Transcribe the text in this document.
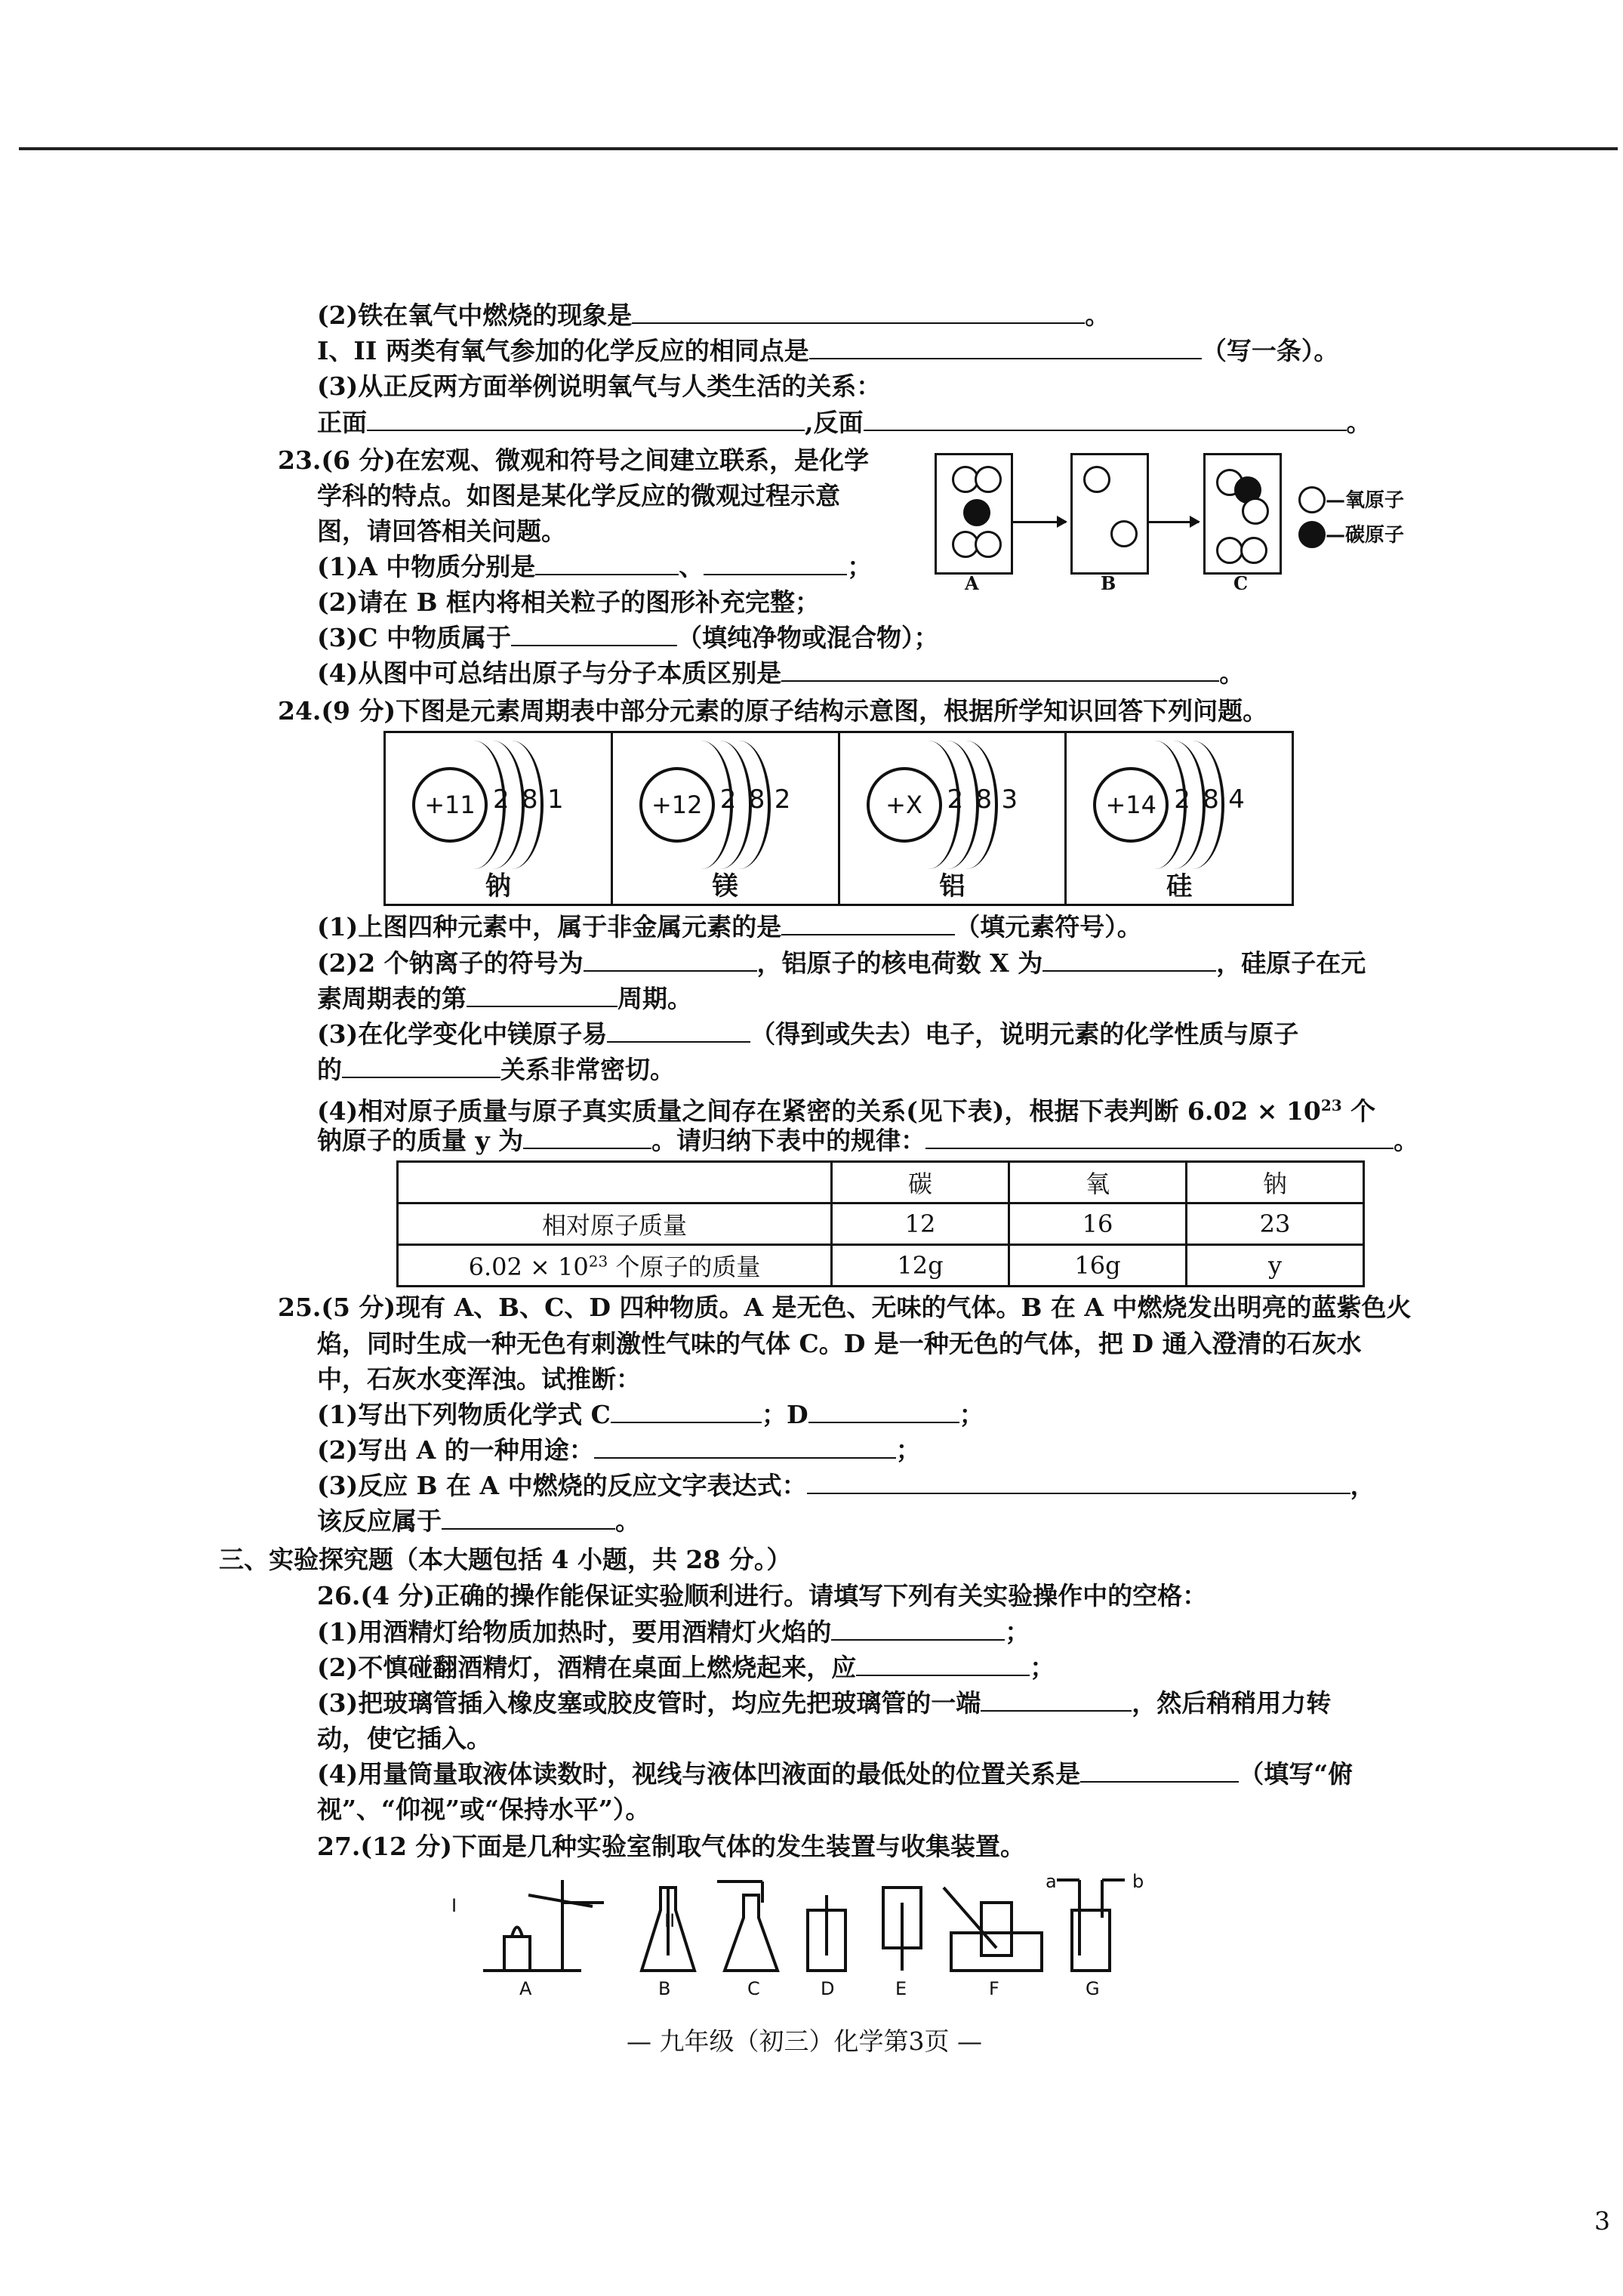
(2)铁在氧气中燃烧的现象是	。
I、II 两类有氧气参加的化学反应的相同点是	（写一条）。
(3)从正反两方面举例说明氧气与人类生活的关系：
正面	,反面	。
23.(6 分)在宏观、微观和符号之间建立联系，是化学
学科的特点。如图是某化学反应的微观过程示意
图，请回答相关问题。
(1)A 中物质分别是	、	；
(2)请在 B 框内将相关粒子的图形补充完整；
(3)C 中物质属于	（填纯净物或混合物）；
(4)从图中可总结出原子与分子本质区别是	。
A	B	C
—氧原子
—碳原子
24.(9 分)下图是元素周期表中部分元素的原子结构示意图，根据所学知识回答下列问题。
+11 2 8 1
钠
+12 2 8 2
镁
+X 2 8 3
铝
+14 2 8 4
硅
(1)上图四种元素中，属于非金属元素的是	（填元素符号）。
(2)2 个钠离子的符号为	，铝原子的核电荷数 X 为	，硅原子在元
素周期表的第	周期。
(3)在化学变化中镁原子易	（得到或失去）电子，说明元素的化学性质与原子
的	关系非常密切。
(4)相对原子质量与原子真实质量之间存在紧密的关系(见下表)，根据下表判断 $6.02 \times 10^{23}$ 个
钠原子的质量 y 为	。请归纳下表中的规律：	。
	碳	氧	钠
相对原子质量	12	16	23
$6.02 \times 10^{23}$ 个原子的质量	12g	16g	y
25.(5 分)现有 A、B、C、D 四种物质。A 是无色、无味的气体。B 在 A 中燃烧发出明亮的蓝紫色火
焰，同时生成一种无色有刺激性气味的气体 C。D 是一种无色的气体，把 D 通入澄清的石灰水
中，石灰水变浑浊。试推断：
(1)写出下列物质化学式 C	；D	；
(2)写出 A 的一种用途：	；
(3)反应 B 在 A 中燃烧的反应文字表达式：	，
该反应属于	。
三、实验探究题（本大题包括 4 小题，共 28 分。）
26.(4 分)正确的操作能保证实验顺利进行。请填写下列有关实验操作中的空格：
(1)用酒精灯给物质加热时，要用酒精灯火焰的	；
(2)不慎碰翻酒精灯，酒精在桌面上燃烧起来，应	；
(3)把玻璃管插入橡皮塞或胶皮管时，均应先把玻璃管的一端	，然后稍稍用力转
动，使它插入。
(4)用量筒量取液体读数时，视线与液体凹液面的最低处的位置关系是	（填写“俯
视”、“仰视”或“保持水平”）。
27.(12 分)下面是几种实验室制取气体的发生装置与收集装置。
I
II
a	b
A	B	C	D	E	F	G
— 九年级（初三）化学第3页 —
3
